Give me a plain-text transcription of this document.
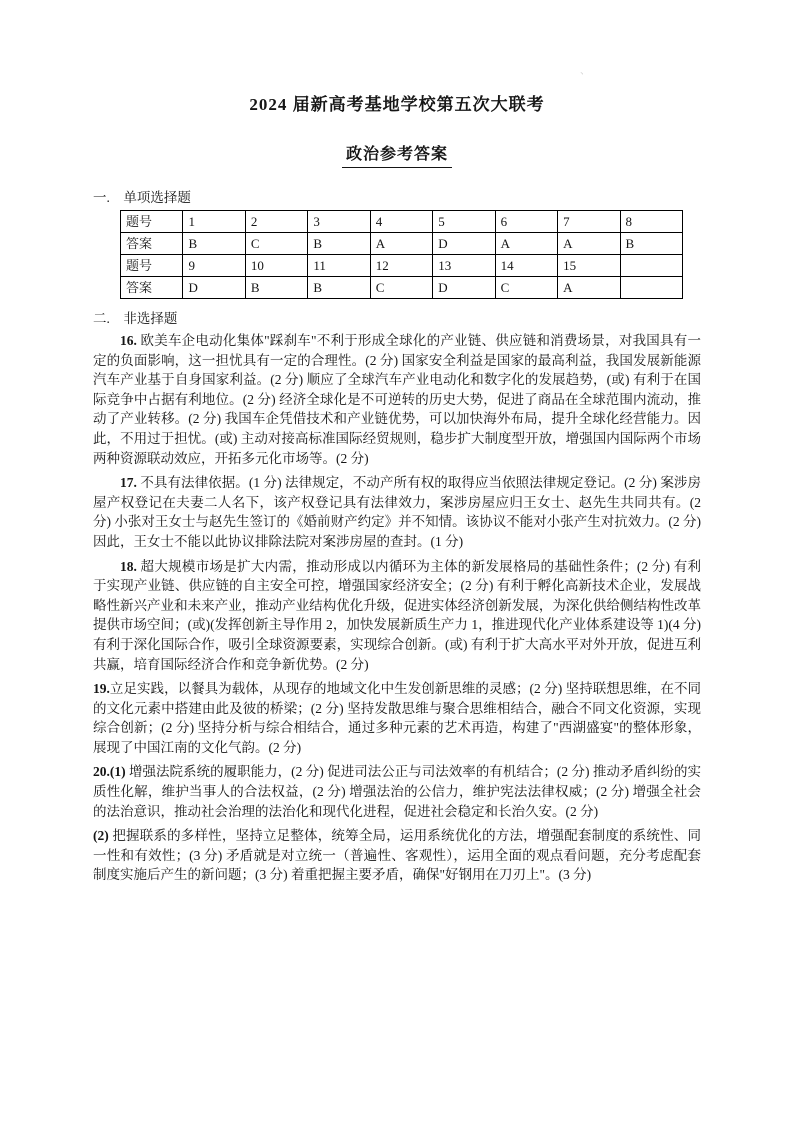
、
2024 届新高考基地学校第五次大联考
政治参考答案
一.　单项选择题
题号	1	2	3	4	5	6	7	8
答案	B	C	B	A	D	A	A	B
题号	9	10	11	12	13	14	15	
答案	D	B	B	C	D	C	A	
二.　非选择题

16. 欧美车企电动化集体"踩刹车"不利于形成全球化的产业链、供应链和消费场景，对我国具有一定的负面影响，这一担忧具有一定的合理性。(2 分) 国家安全利益是国家的最高利益，我国发展新能源汽车产业基于自身国家利益。(2 分) 顺应了全球汽车产业电动化和数字化的发展趋势，(或) 有利于在国际竞争中占据有利地位。(2 分) 经济全球化是不可逆转的历史大势，促进了商品在全球范围内流动，推动了产业转移。(2 分) 我国车企凭借技术和产业链优势，可以加快海外布局，提升全球化经营能力。因此，不用过于担忧。(或) 主动对接高标准国际经贸规则，稳步扩大制度型开放，增强国内国际两个市场两种资源联动效应，开拓多元化市场等。(2 分)

17. 不具有法律依据。(1 分) 法律规定，不动产所有权的取得应当依照法律规定登记。(2 分) 案涉房屋产权登记在夫妻二人名下，该产权登记具有法律效力，案涉房屋应归王女士、赵先生共同共有。(2 分) 小张对王女士与赵先生签订的《婚前财产约定》并不知情。该协议不能对小张产生对抗效力。(2 分) 因此，王女士不能以此协议排除法院对案涉房屋的查封。(1 分)

18. 超大规模市场是扩大内需，推动形成以内循环为主体的新发展格局的基础性条件；(2 分) 有利于实现产业链、供应链的自主安全可控，增强国家经济安全；(2 分) 有利于孵化高新技术企业，发展战略性新兴产业和未来产业，推动产业结构优化升级，促进实体经济创新发展，为深化供给侧结构性改革提供市场空间；(或)(发挥创新主导作用 2，加快发展新质生产力 1，推进现代化产业体系建设等 1)(4 分) 有利于深化国际合作，吸引全球资源要素，实现综合创新。(或) 有利于扩大高水平对外开放，促进互利共赢，培育国际经济合作和竞争新优势。(2 分)

19.立足实践，以餐具为载体，从现存的地域文化中生发创新思维的灵感；(2 分) 坚持联想思维，在不同的文化元素中搭建由此及彼的桥梁；(2 分) 坚持发散思维与聚合思维相结合，融合不同文化资源，实现综合创新；(2 分) 坚持分析与综合相结合，通过多种元素的艺术再造，构建了"西湖盛宴"的整体形象，展现了中国江南的文化气韵。(2 分)

20.(1) 增强法院系统的履职能力，(2 分) 促进司法公正与司法效率的有机结合；(2 分) 推动矛盾纠纷的实质性化解，维护当事人的合法权益，(2 分) 增强法治的公信力，维护宪法法律权威；(2 分) 增强全社会的法治意识，推动社会治理的法治化和现代化进程，促进社会稳定和长治久安。(2 分)

(2) 把握联系的多样性，坚持立足整体，统筹全局，运用系统优化的方法，增强配套制度的系统性、同一性和有效性；(3 分) 矛盾就是对立统一（普遍性、客观性），运用全面的观点看问题，充分考虑配套制度实施后产生的新问题；(3 分) 着重把握主要矛盾，确保"好钢用在刀刃上"。(3 分)
